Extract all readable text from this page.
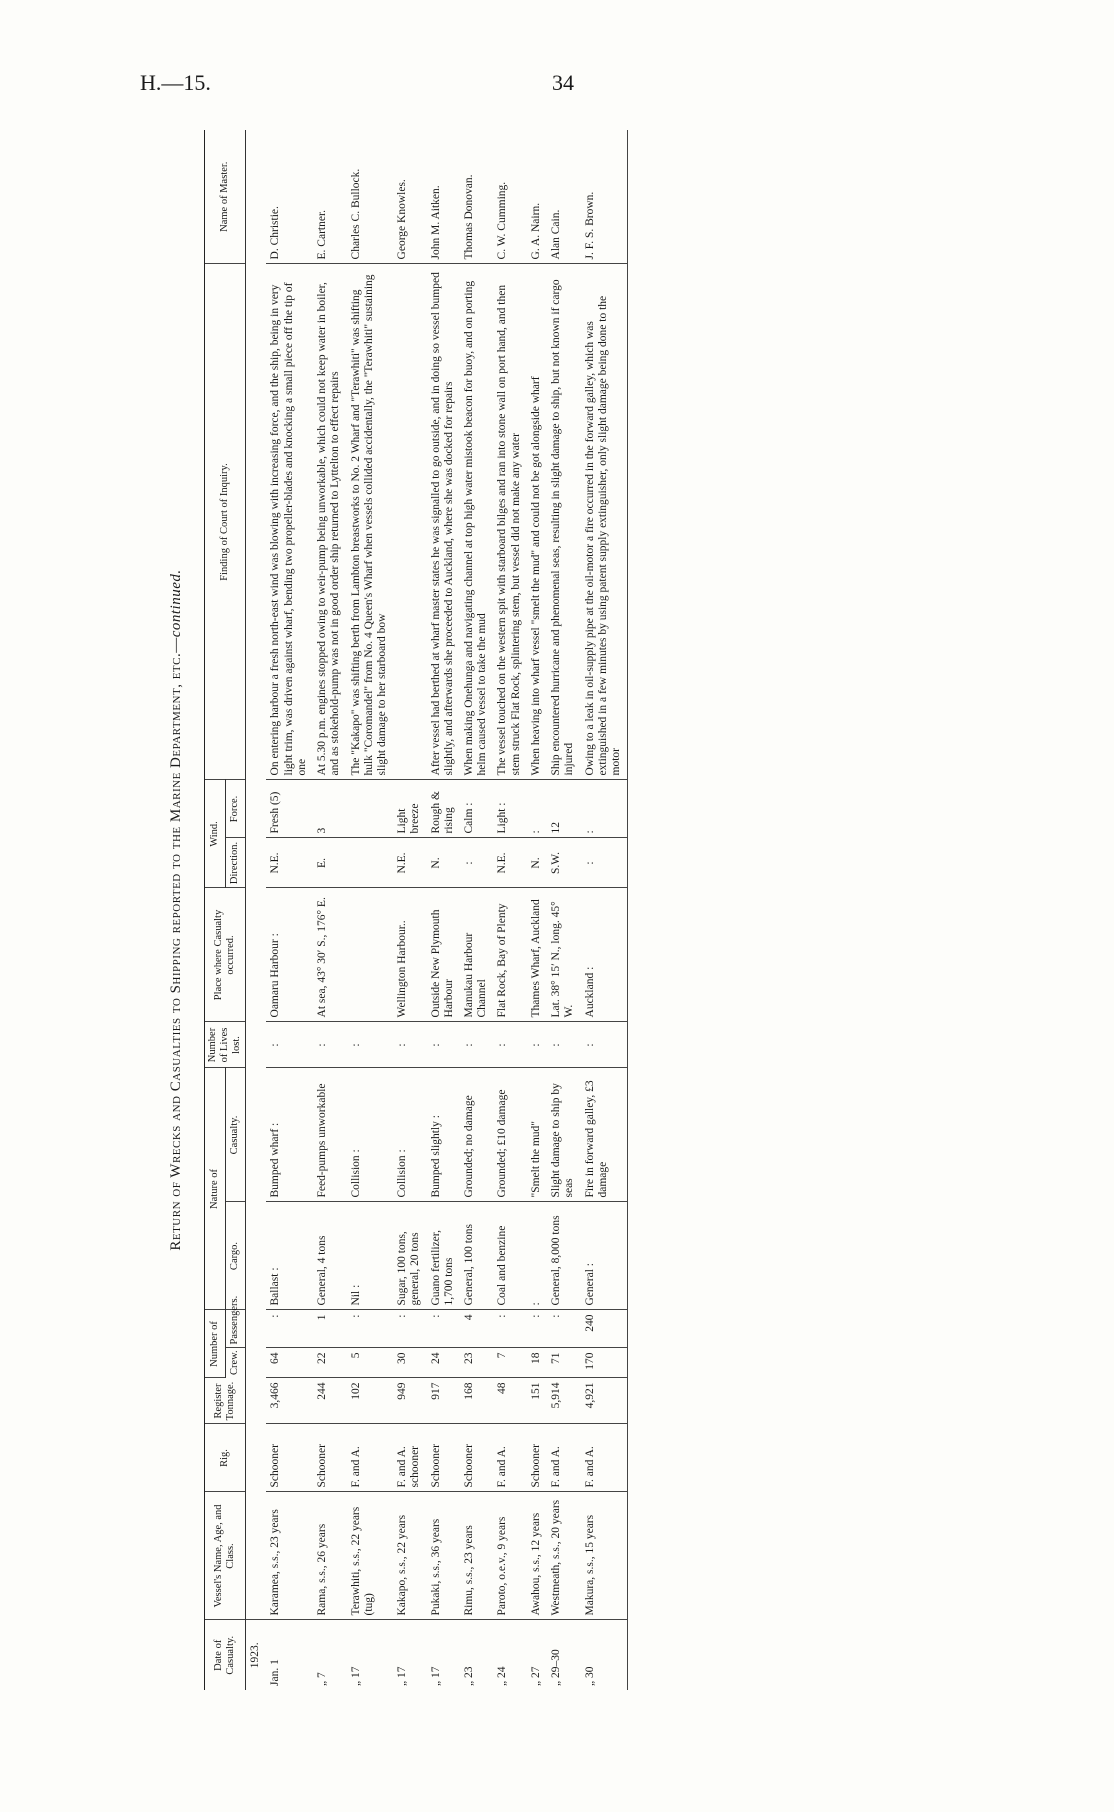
H.—15.	34
Return of Wrecks and Casualties to Shipping reported to the Marine Department, etc.—continued.
Date of Casualty.	Vessel's Name, Age, and Class.	Rig.	Register Tonnage.	Number of		Nature of		Number of Lives lost.	Place where Casualty occurred.	Wind.		Finding of Court of Inquiry.	Name of Master.
				Crew.	Passengers.	Cargo.	Casualty.			Direction.	Force.		
1923.													
Jan. 1	Karamea, s.s., 23 years	Schooner	3,466	64	:	Ballast :	Bumped wharf :	:	Oamaru Harbour :	N.E.	Fresh (5)	On entering harbour a fresh north-east wind was blowing with increasing force, and the ship, being in very light trim, was driven against wharf, bending two propeller-blades and knocking a small piece off the tip of one	D. Christie.
„ 7	Rama, s.s., 26 years	Schooner	244	22	1	General, 4 tons	Feed-pumps unworkable	:	At sea, 43° 30′ S., 176° E.	E.	3	At 5.30 p.m. engines stopped owing to weir-pump being unworkable, which could not keep water in boiler, and as stokehold-pump was not in good order ship returned to Lyttelton to effect repairs	E. Cartner.
„ 17	Terawhiti, s.s., 22 years (tug)	F. and A.	102	5	:	Nil :	Collision :	:				The "Kakapo" was shifting berth from Lambton breastworks to No. 2 Wharf and "Terawhiti" was shifting hulk "Coromandel" from No. 4 Queen's Wharf when vessels collided accidentally, the "Terawhiti" sustaining slight damage to her starboard bow	Charles C. Bullock.
„ 17	Kakapo, s.s., 22 years	F. and A. schooner	949	30	:	Sugar, 100 tons, general, 20 tons	Collision :	:	Wellington Harbour..	N.E.	Light breeze		George Knowles.
„ 17	Pukaki, s.s., 36 years	Schooner	917	24	:	Guano fertilizer, 1,700 tons	Bumped slightly :	:	Outside New Plymouth Harbour	N.	Rough & rising	After vessel had berthed at wharf master states he was signalled to go outside, and in doing so vessel bumped slightly, and afterwards she proceeded to Auckland, where she was docked for repairs	John M. Aitken.
„ 23	Rimu, s.s., 23 years	Schooner	168	23	4	General, 100 tons	Grounded; no damage	:	Manukau Harbour Channel	:	Calm :	When making Onehunga and navigating channel at top high water mistook beacon for buoy, and on porting helm caused vessel to take the mud	Thomas Donovan.
„ 24	Paroto, o.e.v., 9 years	F. and A.	48	7	:	Coal and benzine	Grounded; £10 damage	:	Flat Rock, Bay of Plenty	N.E.	Light :	The vessel touched on the western spit with starboard bilges and ran into stone wall on port hand, and then stem struck Flat Rock, splintering stem, but vessel did not make any water	C. W. Cumming.
„ 27	Awahou, s.s., 12 years	Schooner	151	18	:	:	"Smelt the mud"	:	Thames Wharf, Auckland	N.	:	When heaving into wharf vessel "smelt the mud" and could not be got alongside wharf	G. A. Nairn.
„ 29–30	Westmeath, s.s., 20 years	F. and A.	5,914	71	:	General, 8,000 tons	Slight damage to ship by seas	:	Lat. 38° 15′ N., long. 45° W.	S.W.	12	Ship encountered hurricane and phenomenal seas, resulting in slight damage to ship, but not known if cargo injured	Alan Cain.
„ 30	Makura, s.s., 15 years	F. and A.	4,921	170	240	General :	Fire in forward galley, £3 damage	:	Auckland :	:	:	Owing to a leak in oil-supply pipe at the oil-motor a fire occurred in the forward galley, which was extinguished in a few minutes by using patent supply extinguisher, only slight damage being done to the motor	J. F. S. Brown.
